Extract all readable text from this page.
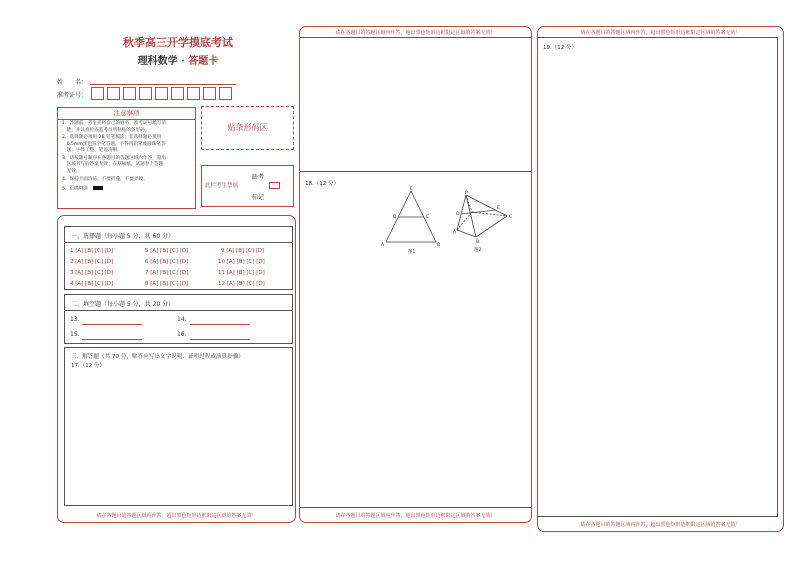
秋季高三开学摸底考试
理科数学 · 答题卡
姓　　名：
准考证号：
注意事项
1．答题前，考生先将自己的姓名，准考证号填写清
　楚，并认真检查监考员所粘贴的条形码。
2．选择题必须用 2B 铅笔填涂；非选择题必须用
　0.5mm黑色签字笔答题，不得用铅笔或圆珠笔答
　题；字体工整、笔迹清晰。
3．请按题号顺序在各题目的答题区域内作答，超出
　区域书写的答案无效；在草稿纸、试题卷上答题
　无效。
4．保持卡面清洁，不要折叠、不要弄破。
5．正确填涂
贴条形码区
缺考
此栏考生禁填
标记
一、选择题（每小题 5 分，共 60 分）
1 [A] [B] [C] [D]	5 [A] [B] [C] [D]	9 [A] [B] [C] [D]
2 [A] [B] [C] [D]	6 [A] [B] [C] [D]	10 [A] [B] [C] [D]
3 [A] [B] [C] [D]	7 [A] [B] [C] [D]	11 [A] [B] [C] [D]
4 [A] [B] [C] [D]	8 [A] [B] [C] [D]	12 [A] [B] [C] [D]
二、填空题（每小题 5 分，共 20 分）
13.	14.
15.	16.
三、解答题（共 70 分，解答应写出文字说明、证明过程或演算步骤）
17.（12 分）
请在各题目的答题区域内作答，超出黑色矩形边框限定区域的答案无效！
请在各题目的答题区域内作答，超出黑色矩形边框限定区域的答案无效！
18.（12 分）
E
D	C
A	B
图1
P
A
B
C
D
E
图2
请在各题目的答题区域内作答，超出黑色矩形边框限定区域的答案无效！
请在各题目的答题区域内作答，超出黑色矩形边框限定区域的答案无效！
19.（12 分）
请在各题目的答题区域内作答，超出黑色矩形边框限定区域的答案无效！
